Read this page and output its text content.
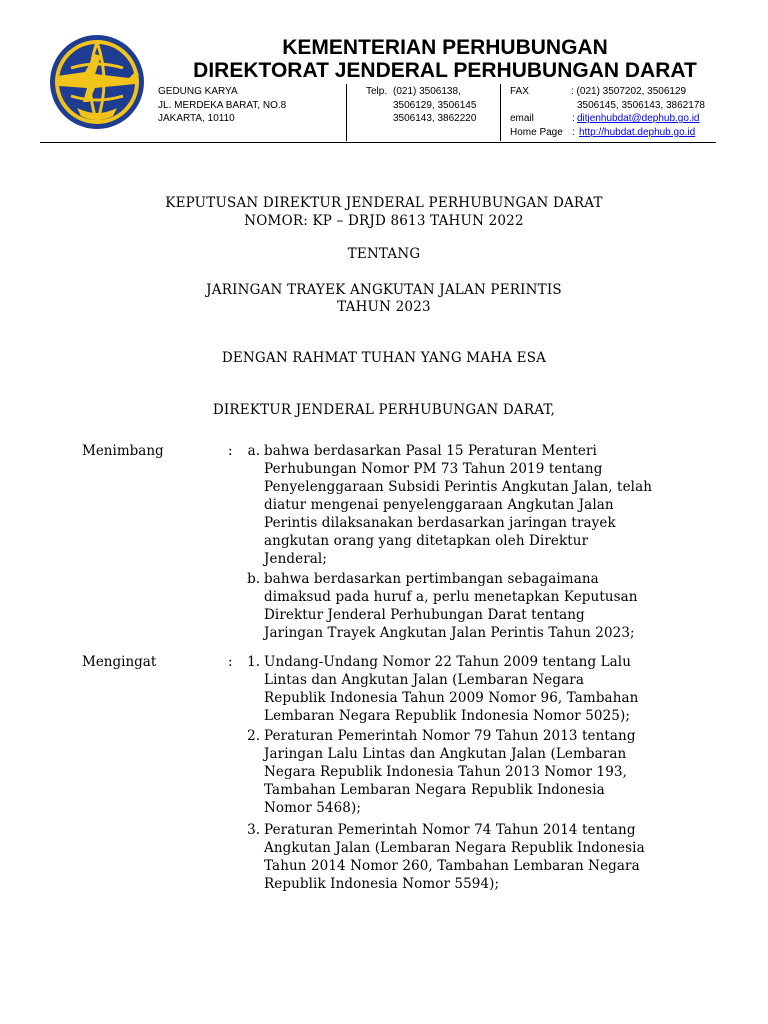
KEMENTERIAN PERHUBUNGAN
DIREKTORAT JENDERAL PERHUBUNGAN DARAT
GEDUNG KARYA
JL. MERDEKA BARAT, NO.8
JAKARTA, 10110
Telp. (021) 3506138,
3506129, 3506145
3506143, 3862220
FAX	: (021) 3507202, 3506129
3506145, 3506143, 3862178
email	: ditjenhubdat@dephub.go.id
Home Page : http://hubdat.dephub.go.id
KEPUTUSAN DIREKTUR JENDERAL PERHUBUNGAN DARAT
NOMOR: KP – DRJD 8613 TAHUN 2022
TENTANG
JARINGAN TRAYEK ANGKUTAN JALAN PERINTIS
TAHUN 2023
DENGAN RAHMAT TUHAN YANG MAHA ESA
DIREKTUR JENDERAL PERHUBUNGAN DARAT,
Menimbang	:	a. bahwa berdasarkan Pasal 15 Peraturan Menteri
Perhubungan Nomor PM 73 Tahun 2019 tentang
Penyelenggaraan Subsidi Perintis Angkutan Jalan, telah
diatur mengenai penyelenggaraan Angkutan Jalan
Perintis dilaksanakan berdasarkan jaringan trayek
angkutan orang yang ditetapkan oleh Direktur
Jenderal;
b. bahwa berdasarkan pertimbangan sebagaimana
dimaksud pada huruf a, perlu menetapkan Keputusan
Direktur Jenderal Perhubungan Darat tentang
Jaringan Trayek Angkutan Jalan Perintis Tahun 2023;
Mengingat	:	1. Undang-Undang Nomor 22 Tahun 2009 tentang Lalu
Lintas dan Angkutan Jalan (Lembaran Negara
Republik Indonesia Tahun 2009 Nomor 96, Tambahan
Lembaran Negara Republik Indonesia Nomor 5025);
2. Peraturan Pemerintah Nomor 79 Tahun 2013 tentang
Jaringan Lalu Lintas dan Angkutan Jalan (Lembaran
Negara Republik Indonesia Tahun 2013 Nomor 193,
Tambahan Lembaran Negara Republik Indonesia
Nomor 5468);
3. Peraturan Pemerintah Nomor 74 Tahun 2014 tentang
Angkutan Jalan (Lembaran Negara Republik Indonesia
Tahun 2014 Nomor 260, Tambahan Lembaran Negara
Republik Indonesia Nomor 5594);
